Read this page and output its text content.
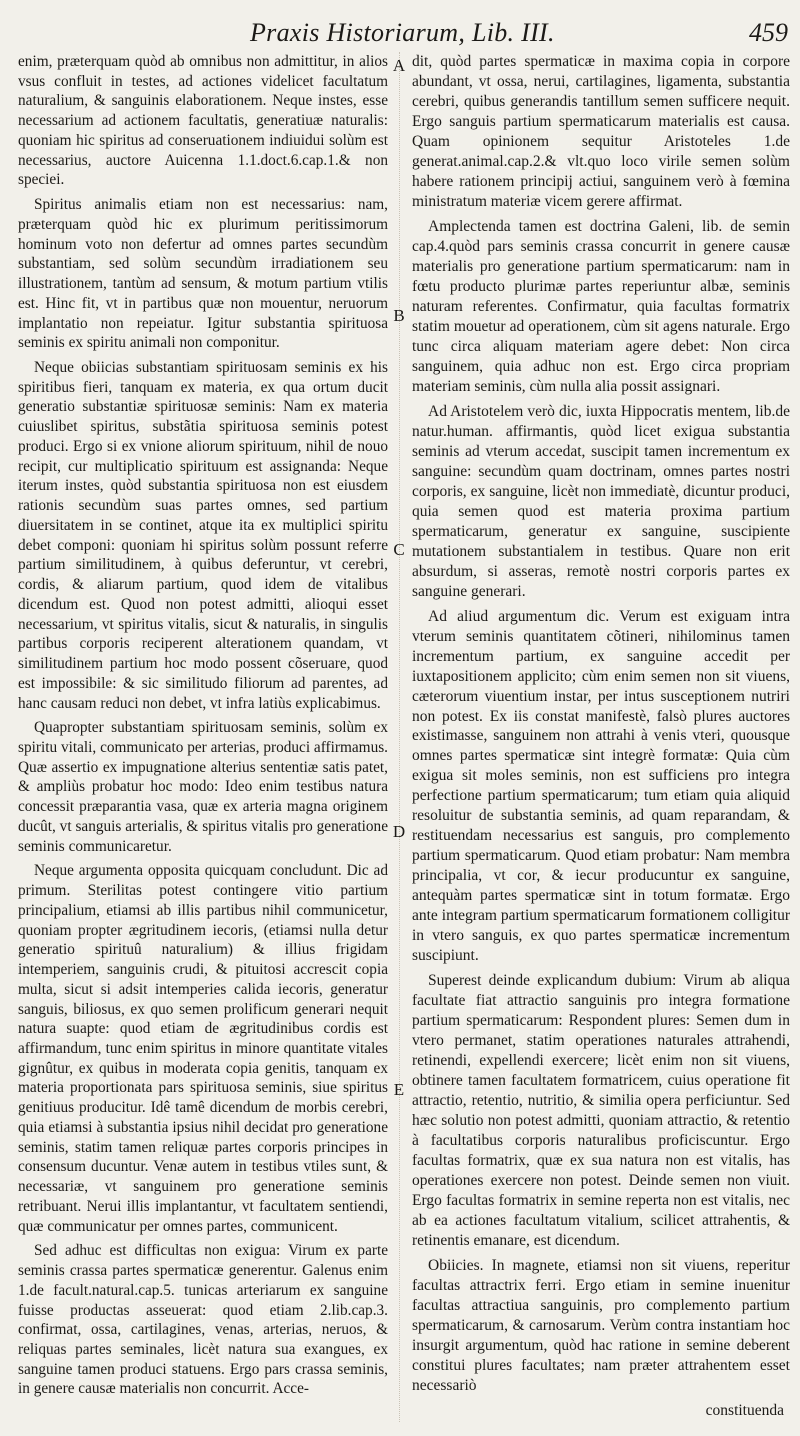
Praxis Historiarum, Lib. III.	459
A
B
C
D
E

enim, præterquam quòd ab omnibus non admittitur, in alios vsus confluit in testes, ad actiones videlicet facultatum naturalium, & sanguinis elaborationem. Neque instes, esse necessarium ad actionem facultatis, generatiuæ naturalis: quoniam hic spiritus ad conseruationem indiuidui solùm est necessarius, auctore Auicenna 1.1.doct.6.cap.1.& non speciei.

Spiritus animalis etiam non est necessarius: nam, præterquam quòd hic ex plurimum peritissimorum hominum voto non defertur ad omnes partes secundùm substantiam, sed solùm secundùm irradiationem seu illustrationem, tantùm ad sensum, & motum partium vtilis est. Hinc fit, vt in partibus quæ non mouentur, neruorum implantatio non repeiatur. Igitur substantia spirituosa seminis ex spiritu animali non componitur.

Neque obiicias substantiam spirituosam seminis ex his spiritibus fieri, tanquam ex materia, ex qua ortum ducit generatio substantiæ spirituosæ seminis: Nam ex materia cuiuslibet spiritus, substãtia spirituosa seminis potest produci. Ergo si ex vnione aliorum spirituum, nihil de nouo recipit, cur multiplicatio spirituum est assignanda: Neque iterum instes, quòd substantia spirituosa non est eiusdem rationis secundùm suas partes omnes, sed partium diuersitatem in se continet, atque ita ex multiplici spiritu debet componi: quoniam hi spiritus solùm possunt referre partium similitudinem, à quibus deferuntur, vt cerebri, cordis, & aliarum partium, quod idem de vitalibus dicendum est. Quod non potest admitti, alioqui esset necessarium, vt spiritus vitalis, sicut & naturalis, in singulis partibus corporis reciperent alterationem quandam, vt similitudinem partium hoc modo possent cõseruare, quod est impossibile: & sic similitudo filiorum ad parentes, ad hanc causam reduci non debet, vt infra latiùs explicabimus.

Quapropter substantiam spirituosam seminis, solùm ex spiritu vitali, communicato per arterias, produci affirmamus. Quæ assertio ex impugnatione alterius sententiæ satis patet, & ampliùs probatur hoc modo: Ideo enim testibus natura concessit præparantia vasa, quæ ex arteria magna originem ducût, vt sanguis arterialis, & spiritus vitalis pro generatione seminis communicaretur.

Neque argumenta opposita quicquam concludunt. Dic ad primum. Sterilitas potest contingere vitio partium principalium, etiamsi ab illis partibus nihil communicetur, quoniam propter ægritudinem iecoris, (etiamsi nulla detur generatio spirituû naturalium) & illius frigidam intemperiem, sanguinis crudi, & pituitosi accrescit copia multa, sicut si adsit intemperies calida iecoris, generatur sanguis, biliosus, ex quo semen prolificum generari nequit natura suapte: quod etiam de ægritudinibus cordis est affirmandum, tunc enim spiritus in minore quantitate vitales gignûtur, ex quibus in moderata copia genitis, tanquam ex materia proportionata pars spirituosa seminis, siue spiritus genitiuus producitur. Idê tamê dicendum de morbis cerebri, quia etiamsi à substantia ipsius nihil decidat pro generatione seminis, statim tamen reliquæ partes corporis principes in consensum ducuntur. Venæ autem in testibus vtiles sunt, & necessariæ, vt sanguinem pro generatione seminis retribuant. Nerui illis implantantur, vt facultatem sentiendi, quæ communicatur per omnes partes, communicent.

Sed adhuc est difficultas non exigua: Virum ex parte seminis crassa partes spermaticæ generentur. Galenus enim 1.de facult.natural.cap.5. tunicas arteriarum ex sanguine fuisse productas asseuerat: quod etiam 2.lib.cap.3. confirmat, ossa, cartilagines, venas, arterias, neruos, & reliquas partes seminales, licèt natura sua exangues, ex sanguine tamen produci statuens. Ergo pars crassa seminis, in genere causæ materialis non concurrit. Acce-

dit, quòd partes spermaticæ in maxima copia in corpore abundant, vt ossa, nerui, cartilagines, ligamenta, substantia cerebri, quibus generandis tantillum semen sufficere nequit. Ergo sanguis partium spermaticarum materialis est causa. Quam opinionem sequitur Aristoteles 1.de generat.animal.cap.2.& vlt.quo loco virile semen solùm habere rationem principij actiui, sanguinem verò à fœmina ministratum materiæ vicem gerere affirmat.

Amplectenda tamen est doctrina Galeni, lib. de semin cap.4.quòd pars seminis crassa concurrit in genere causæ materialis pro generatione partium spermaticarum: nam in fœtu producto plurimæ partes reperiuntur albæ, seminis naturam referentes. Confirmatur, quia facultas formatrix statim mouetur ad operationem, cùm sit agens naturale. Ergo tunc circa aliquam materiam agere debet: Non circa sanguinem, quia adhuc non est. Ergo circa propriam materiam seminis, cùm nulla alia possit assignari.

Ad Aristotelem verò dic, iuxta Hippocratis mentem, lib.de natur.human. affirmantis, quòd licet exigua substantia seminis ad vterum accedat, suscipit tamen incrementum ex sanguine: secundùm quam doctrinam, omnes partes nostri corporis, ex sanguine, licèt non immediatè, dicuntur produci, quia semen quod est materia proxima partium spermaticarum, generatur ex sanguine, suscipiente mutationem substantialem in testibus. Quare non erit absurdum, si asseras, remotè nostri corporis partes ex sanguine generari.

Ad aliud argumentum dic. Verum est exiguam intra vterum seminis quantitatem cõtineri, nihilominus tamen incrementum partium, ex sanguine accedit per iuxtapositionem applicito; cùm enim semen non sit viuens, cæterorum viuentium instar, per intus susceptionem nutriri non potest. Ex iis constat manifestè, falsò plures auctores existimasse, sanguinem non attrahi à venis vteri, quousque omnes partes spermaticæ sint integrè formatæ: Quia cùm exigua sit moles seminis, non est sufficiens pro integra perfectione partium spermaticarum; tum etiam quia aliquid resoluitur de substantia seminis, ad quam reparandam, & restituendam necessarius est sanguis, pro complemento partium spermaticarum. Quod etiam probatur: Nam membra principalia, vt cor, & iecur producuntur ex sanguine, antequàm partes spermaticæ sint in totum formatæ. Ergo ante integram partium spermaticarum formationem colligitur in vtero sanguis, ex quo partes spermaticæ incrementum suscipiunt.

Superest deinde explicandum dubium: Virum ab aliqua facultate fiat attractio sanguinis pro integra formatione partium spermaticarum: Respondent plures: Semen dum in vtero permanet, statim operationes naturales attrahendi, retinendi, expellendi exercere; licèt enim non sit viuens, obtinere tamen facultatem formatricem, cuius operatione fit attractio, retentio, nutritio, & similia opera perficiuntur. Sed hæc solutio non potest admitti, quoniam attractio, & retentio à facultatibus corporis naturalibus proficiscuntur. Ergo facultas formatrix, quæ ex sua natura non est vitalis, has operationes exercere non potest. Deinde semen non viuit. Ergo facultas formatrix in semine reperta non est vitalis, nec ab ea actiones facultatum vitalium, scilicet attrahentis, & retinentis emanare, est dicendum.

Obiicies. In magnete, etiamsi non sit viuens, reperitur facultas attractrix ferri. Ergo etiam in semine inuenitur facultas attractiua sanguinis, pro complemento partium spermaticarum, & carnosarum. Verùm contra instantiam hoc insurgit argumentum, quòd hac ratione in semine deberent constitui plures facultates; nam præter attrahentem esset necessariò

constituenda
